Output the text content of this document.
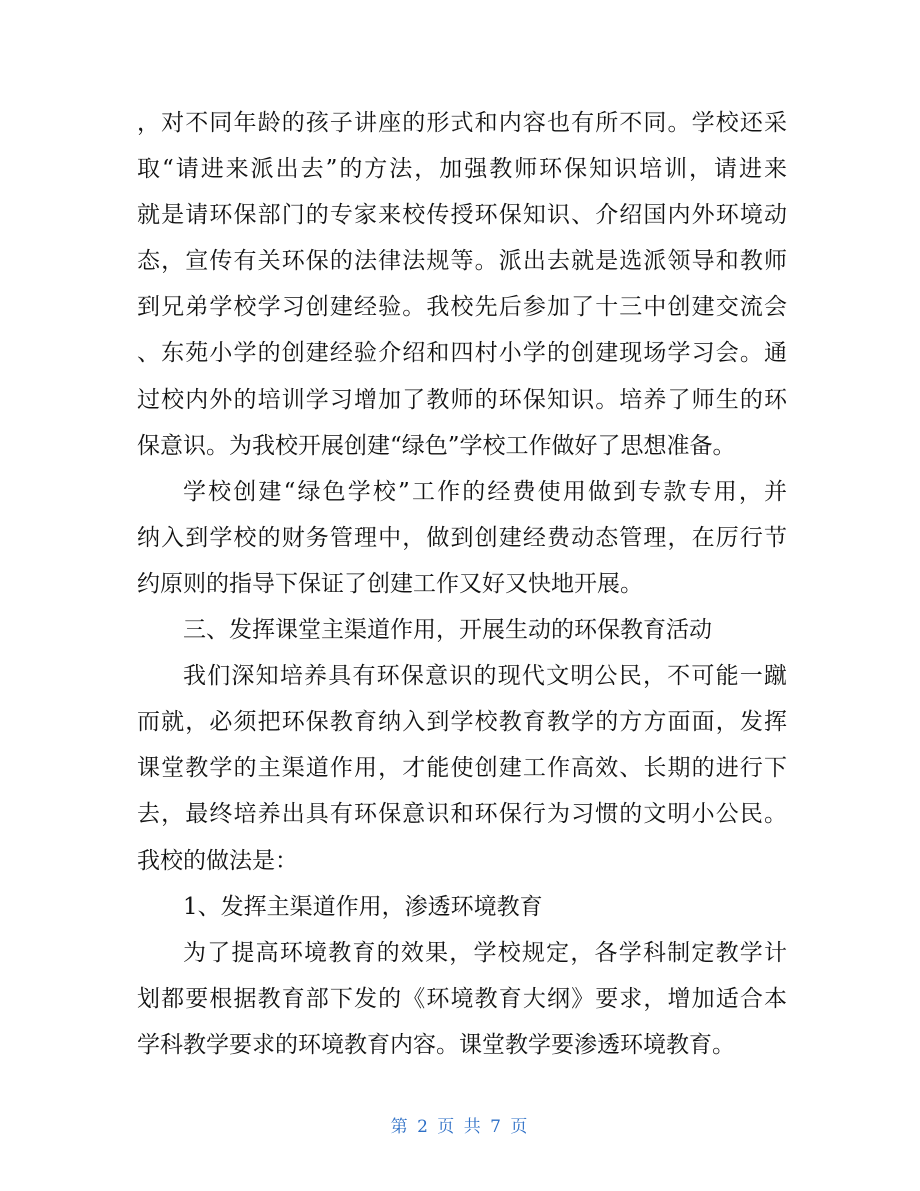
，对不同年龄的孩子讲座的形式和内容也有所不同。学校还采
取“请进来派出去”的方法，加强教师环保知识培训，请进来
就是请环保部门的专家来校传授环保知识、介绍国内外环境动
态，宣传有关环保的法律法规等。派出去就是选派领导和教师
到兄弟学校学习创建经验。我校先后参加了十三中创建交流会
、东苑小学的创建经验介绍和四村小学的创建现场学习会。通
过校内外的培训学习增加了教师的环保知识。培养了师生的环
保意识。为我校开展创建“绿色”学校工作做好了思想准备。
学校创建“绿色学校”工作的经费使用做到专款专用，并
纳入到学校的财务管理中，做到创建经费动态管理，在厉行节
约原则的指导下保证了创建工作又好又快地开展。
三、发挥课堂主渠道作用，开展生动的环保教育活动
我们深知培养具有环保意识的现代文明公民，不可能一蹴
而就，必须把环保教育纳入到学校教育教学的方方面面，发挥
课堂教学的主渠道作用，才能使创建工作高效、长期的进行下
去，最终培养出具有环保意识和环保行为习惯的文明小公民。
我校的做法是：
1、发挥主渠道作用，渗透环境教育
为了提高环境教育的效果，学校规定，各学科制定教学计
划都要根据教育部下发的《环境教育大纲》要求，增加适合本
学科教学要求的环境教育内容。课堂教学要渗透环境教育。
第 2 页 共 7 页
